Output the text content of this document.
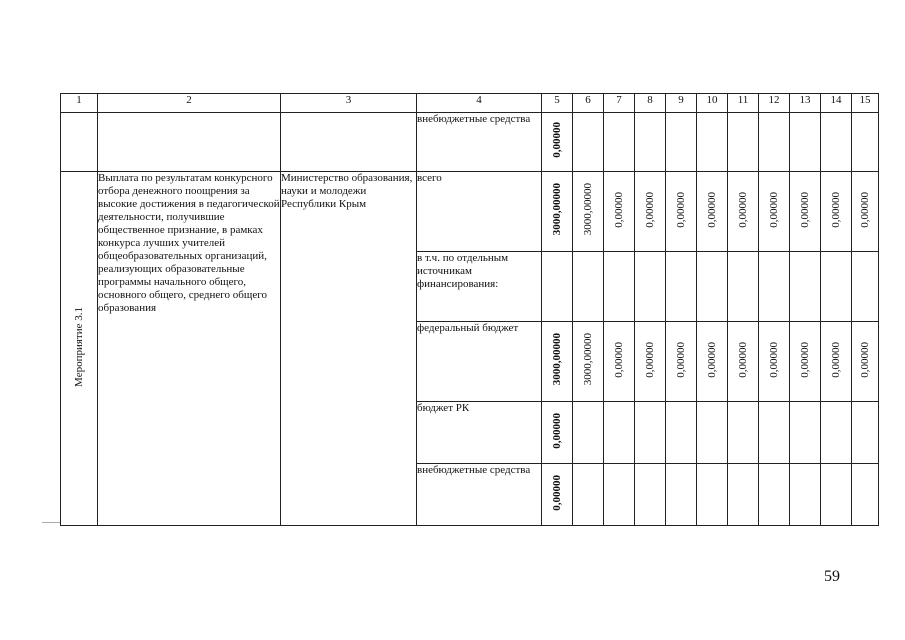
1	2	3	4	5	6	7	8	9	10	11	12	13	14	15
			внебюджетные средства	0,00000										
Мероприятие 3.1	Выплата по результатам конкурсного отбора денежного поощрения за высокие достижения в педагогической деятельности, получившие общественное признание, в рамках конкурса лучших учителей общеобразовательных организаций, реализующих образовательные программы начального общего, основного общего, среднего общего образования	Министерство образования, науки и молодежи Республики Крым	всего	3000,00000	3000,00000	0,00000	0,00000	0,00000	0,00000	0,00000	0,00000	0,00000	0,00000	0,00000
			в т.ч. по отдельным источникам финансирования:											
			федеральный бюджет	3000,00000	3000,00000	0,00000	0,00000	0,00000	0,00000	0,00000	0,00000	0,00000	0,00000	0,00000
			бюджет РК	0,00000										
			внебюджетные средства	0,00000										
59
